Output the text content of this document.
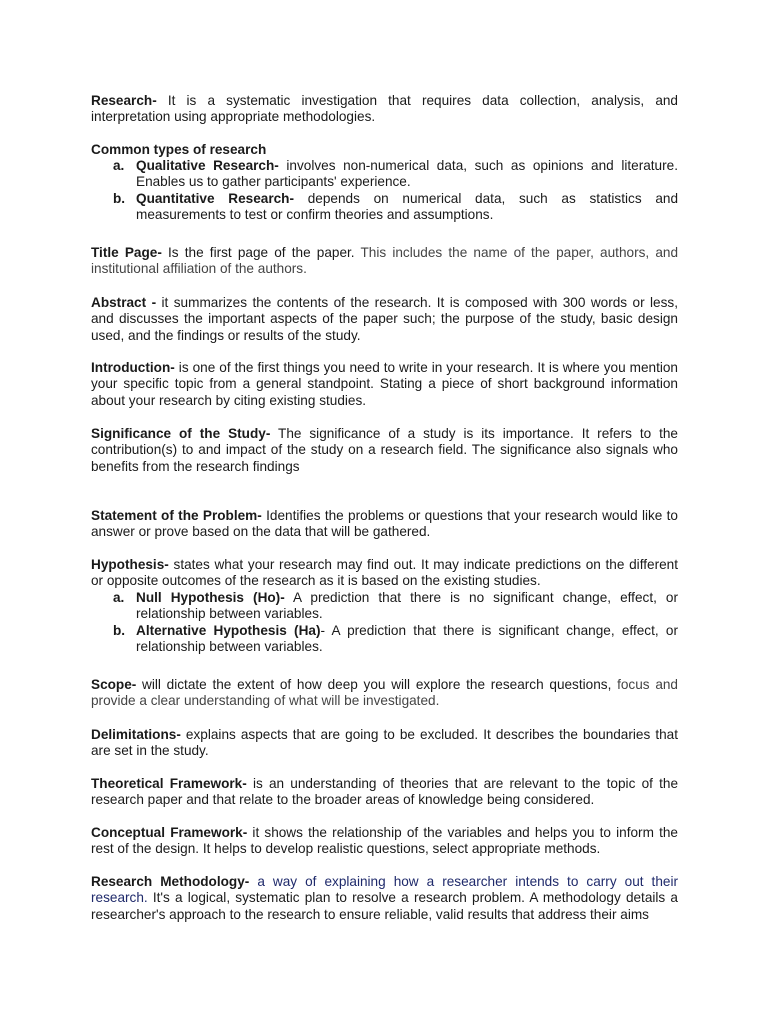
Research- It is a systematic investigation that requires data collection, analysis, and interpretation using appropriate methodologies.

Common types of research

a. Qualitative Research- involves non-numerical data, such as opinions and literature. Enables us to gather participants' experience.
b. Quantitative Research- depends on numerical data, such as statistics and measurements to test or confirm theories and assumptions.

Title Page- Is the first page of the paper. This includes the name of the paper, authors, and institutional affiliation of the authors.

Abstract - it summarizes the contents of the research. It is composed with 300 words or less, and discusses the important aspects of the paper such; the purpose of the study, basic design used, and the findings or results of the study.

Introduction- is one of the first things you need to write in your research. It is where you mention your specific topic from a general standpoint. Stating a piece of short background information about your research by citing existing studies.

Significance of the Study- The significance of a study is its importance. It refers to the contribution(s) to and impact of the study on a research field. The significance also signals who benefits from the research findings

Statement of the Problem- Identifies the problems or questions that your research would like to answer or prove based on the data that will be gathered.

Hypothesis- states what your research may find out. It may indicate predictions on the different or opposite outcomes of the research as it is based on the existing studies.

a. Null Hypothesis (Ho)- A prediction that there is no significant change, effect, or relationship between variables.
b. Alternative Hypothesis (Ha)- A prediction that there is significant change, effect, or relationship between variables.

Scope- will dictate the extent of how deep you will explore the research questions, focus and provide a clear understanding of what will be investigated.

Delimitations- explains aspects that are going to be excluded. It describes the boundaries that are set in the study.

Theoretical Framework- is an understanding of theories that are relevant to the topic of the research paper and that relate to the broader areas of knowledge being considered.

Conceptual Framework- it shows the relationship of the variables and helps you to inform the rest of the design. It helps to develop realistic questions, select appropriate methods.

Research Methodology- a way of explaining how a researcher intends to carry out their research. It's a logical, systematic plan to resolve a research problem. A methodology details a researcher's approach to the research to ensure reliable, valid results that address their aims
